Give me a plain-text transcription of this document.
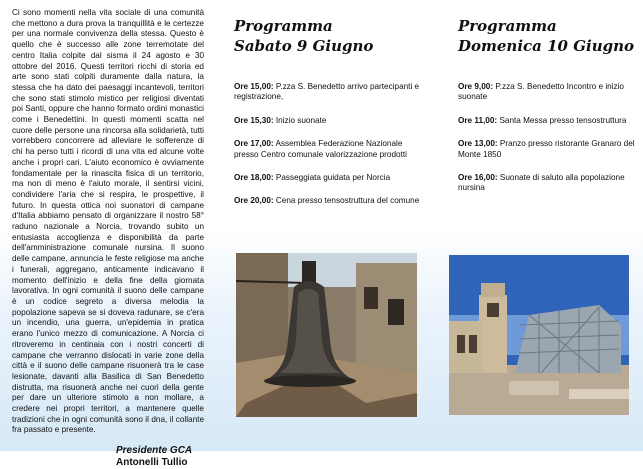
Ci sono momenti nella vita sociale di una comunità che mettono a dura prova la tranquillità e le certezze per una normale convivenza della stessa. Questo è quello che è successo alle zone terremotate del centro Italia colpite dal sisma il 24 agosto e 30 ottobre del 2016. Questi territori ricchi di storia ed arte sono stati colpiti duramente dalla natura, la stessa che ha dato dei paesaggi incantevoli, territori che sono stati stimolo mistico per religiosi diventati poi Santi, oppure che hanno formato ordini monastici come i Benedettini. In questi momenti scatta nel cuore delle persone una rincorsa alla solidarietà, tutti vorrebbero concorrere ad alleviare le sofferenze di chi ha perso tutti i ricordi di una vita ed alcune volte anche i propri cari. L'aiuto economico è ovviamente fondamentale per la rinascita fisica di un territorio, ma non di meno è l'aiuto morale, il sentirsi vicini, condividere l'aria che si respira, le prospettive, il futuro. In questa ottica noi suonatori di campane d'Italia abbiamo pensato di organizzare il nostro 58° raduno nazionale a Norcia, trovando subito un entusiasta accoglienza e disponibilità da parte dell'amministrazione comunale nursina. Il suono delle campane, annuncia le feste religiose ma anche i funerali, aggregano, anticamente indicavano il momento dell'inizio e della fine della giornata lavorativa. In ogni comunità il suono delle campane è un codice segreto a diversa melodia la popolazione sapeva se si doveva radunare, se c'era un incendio, una guerra, un'epidemia in pratica erano l'unico mezzo di comunicazione. A Norcia ci ritroveremo in centinaia con i nostri concerti di campane che verranno dislocati in varie zone della città e il suono delle campane risuonerà tra le case lesionate, davanti alla Basilica di San Benedetto distrutta, ma risuonerà anche nei cuori della gente per dare un ulteriore stimolo a non mollare, a credere nei propri territori, a mantenere quelle tradizioni che in ogni comunità sono il dna, il collante fra passato e presente.

Presidente GCA
Antonelli Tullio
Programma
Sabato 9 Giugno
Ore 15,00: P.zza S. Benedetto arrivo partecipanti e registrazione,
Ore 15,30: Inizio suonate
Ore 17,00: Assemblea Federazione Nazionale presso Centro comunale valorizzazione prodotti
Ore 18,00: Passeggiata guidata per Norcia
Ore 20,00: Cena presso tensostruttura del comune
Programma
Domenica 10 Giugno
Ore 9,00: P.zza S. Benedetto Incontro e inizio suonate
Ore 11,00: Santa Messa presso tensostruttura
Ore 13,00: Pranzo presso ristorante Granaro del Monte 1850
Ore 16,00: Suonate di saluto alla popolazione nursina
